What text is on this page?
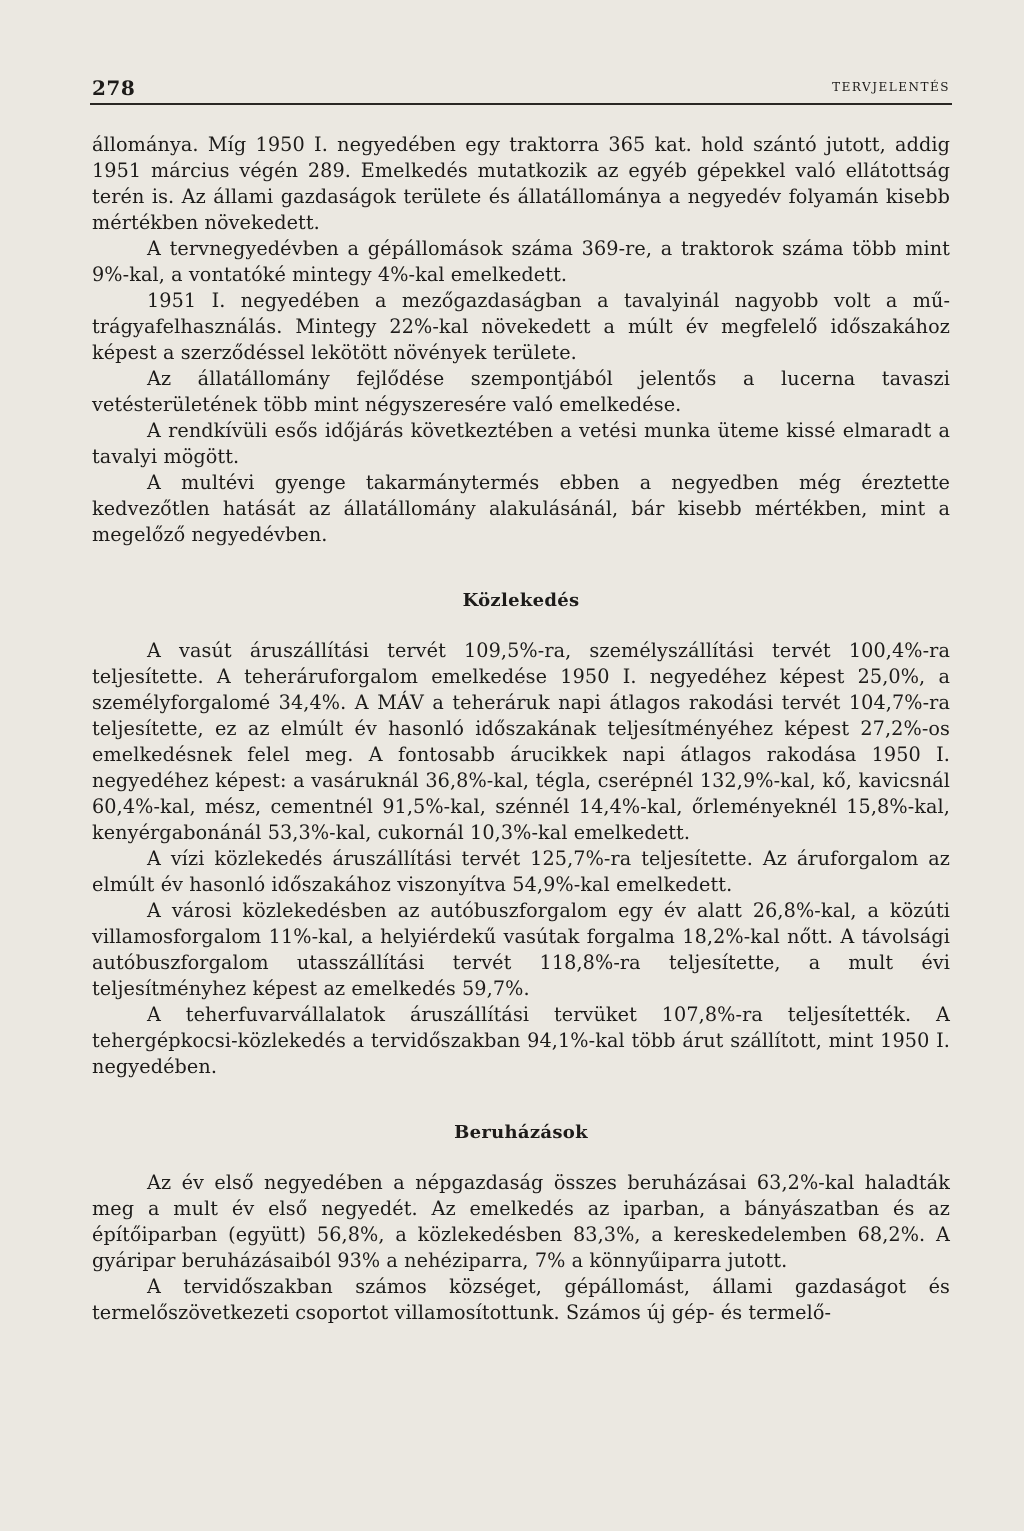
278	TERVJELENTÉS

állománya. Míg 1950 I. negyedében egy traktorra 365 kat. hold szántó jutott, addig 1951 március végén 289. Emelkedés mutatkozik az egyéb gépekkel való ellátottság terén is. Az állami gazdaságok területe és állatállománya a negyedév folyamán kisebb mértékben növekedett.

A tervnegyedévben a gépállomások száma 369-re, a traktorok száma több mint 9%-kal, a vontatóké mintegy 4%-kal emelkedett.

1951 I. negyedében a mezőgazdaságban a tavalyinál nagyobb volt a műtrágyafelhasználás. Mintegy 22%-kal növekedett a múlt év megfelelő időszakához képest a szerződéssel lekötött növények területe.

Az állatállomány fejlődése szempontjából jelentős a lucerna tavaszi vetésterületének több mint négyszeresére való emelkedése.

A rendkívüli esős időjárás következtében a vetési munka üteme kissé elmaradt a tavalyi mögött.

A multévi gyenge takarmánytermés ebben a negyedben még éreztette kedvezőtlen hatását az állatállomány alakulásánál, bár kisebb mértékben, mint a megelőző negyedévben.

Közlekedés

A vasút áruszállítási tervét 109,5%-ra, személyszállítási tervét 100,4%-ra teljesítette. A teheráruforgalom emelkedése 1950 I. negyedéhez képest 25,0%, a személyforgalomé 34,4%. A MÁV a teheráruk napi átlagos rakodási tervét 104,7%-ra teljesítette, ez az elmúlt év hasonló időszakának teljesítményéhez képest 27,2%-os emelkedésnek felel meg. A fontosabb árucikkek napi átlagos rakodása 1950 I. negyedéhez képest: a vasáruknál 36,8%-kal, tégla, cserépnél 132,9%-kal, kő, kavicsnál 60,4%-kal, mész, cementnél 91,5%-kal, szénnél 14,4%-kal, őrleményeknél 15,8%-kal, kenyérgabonánál 53,3%-kal, cukornál 10,3%-kal emelkedett.

A vízi közlekedés áruszállítási tervét 125,7%-ra teljesítette. Az áruforgalom az elmúlt év hasonló időszakához viszonyítva 54,9%-kal emelkedett.

A városi közlekedésben az autóbuszforgalom egy év alatt 26,8%-kal, a közúti villamosforgalom 11%-kal, a helyiérdekű vasútak forgalma 18,2%-kal nőtt. A távolsági autóbuszforgalom utasszállítási tervét 118,8%-ra teljesítette, a mult évi teljesítményhez képest az emelkedés 59,7%.

A teherfuvarvállalatok áruszállítási tervüket 107,8%-ra teljesítették. A tehergépkocsi-közlekedés a tervidőszakban 94,1%-kal több árut szállított, mint 1950 I. negyedében.

Beruházások

Az év első negyedében a népgazdaság összes beruházásai 63,2%-kal haladták meg a mult év első negyedét. Az emelkedés az iparban, a bányászatban és az építőiparban (együtt) 56,8%, a közlekedésben 83,3%, a kereskedelemben 68,2%. A gyáripar beruházásaiból 93% a nehéziparra, 7% a könnyűiparra jutott.

A tervidőszakban számos községet, gépállomást, állami gazdaságot és termelőszövetkezeti csoportot villamosítottunk. Számos új gép- és termelő-
